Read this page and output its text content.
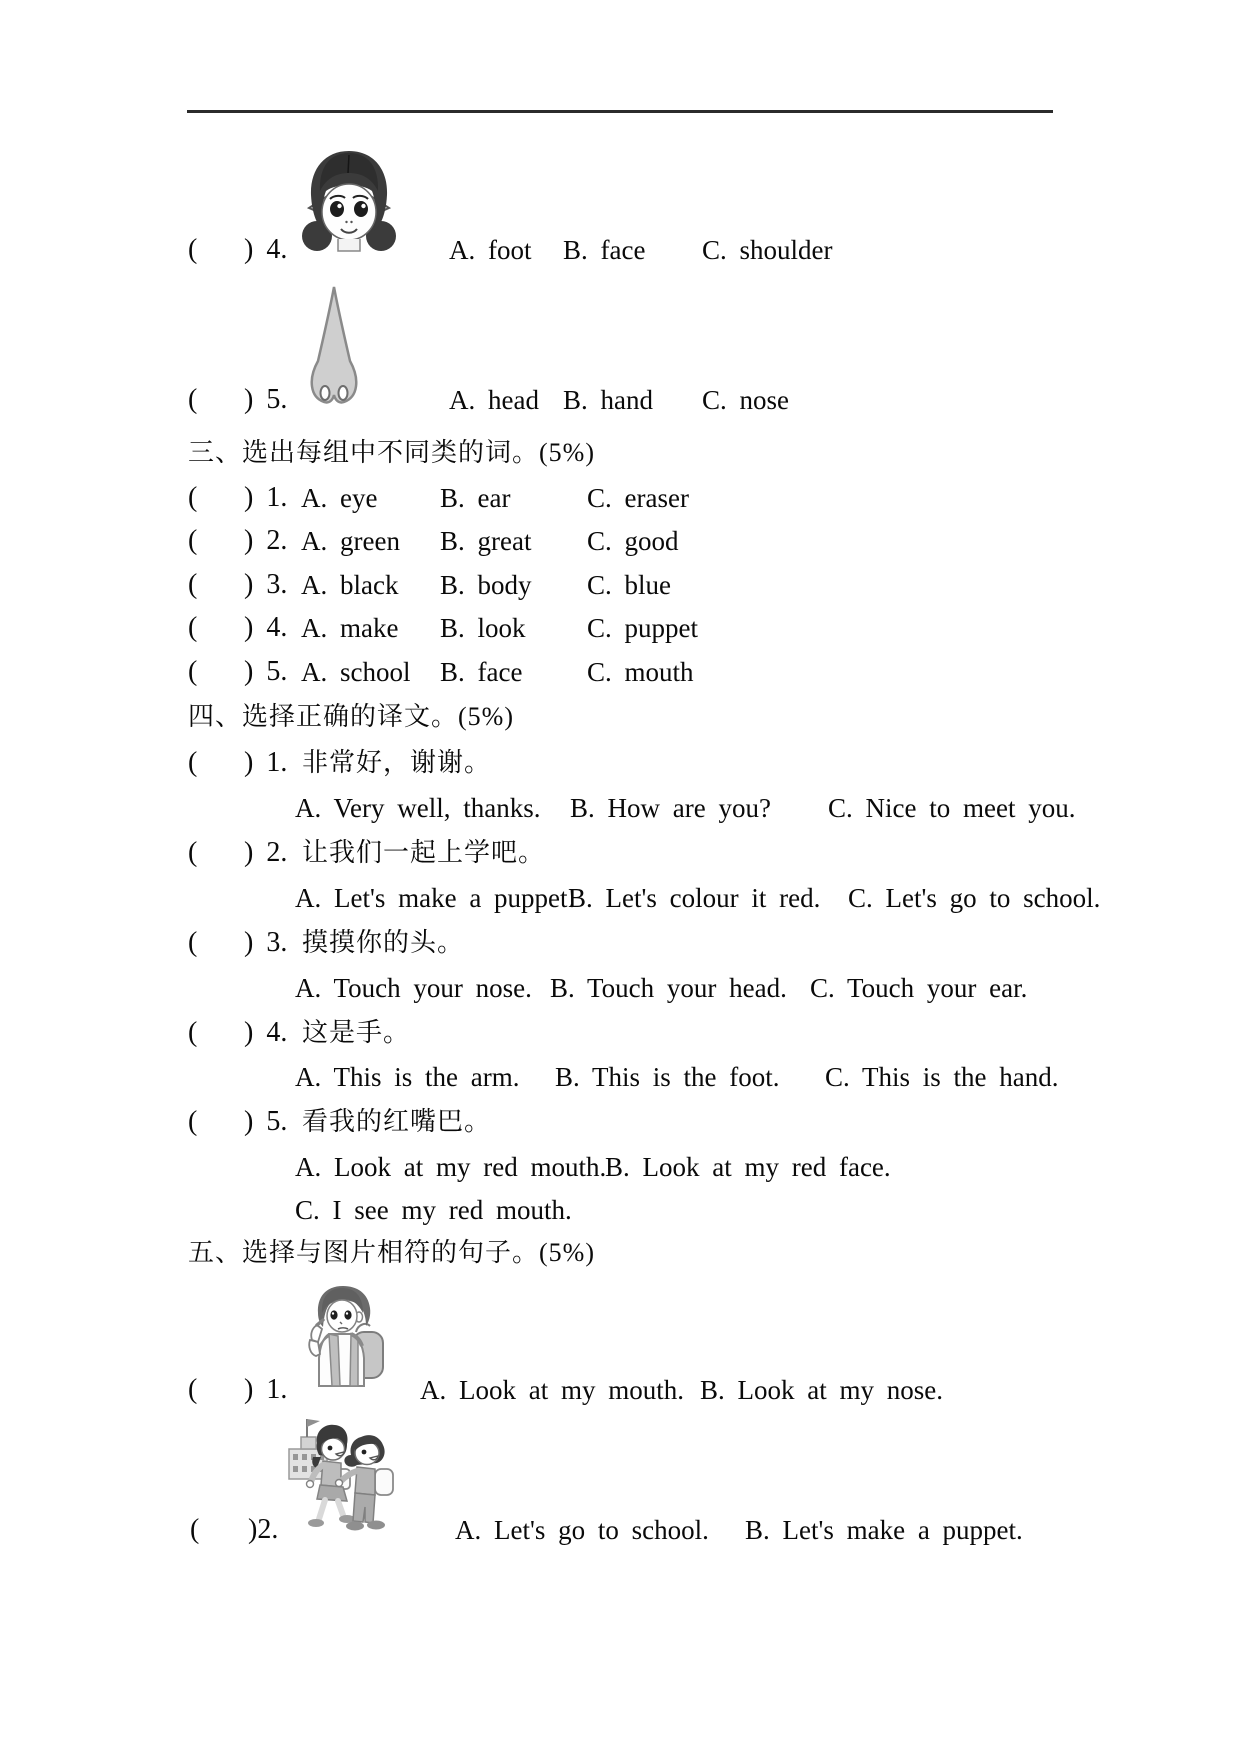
( ) 4.	A. foot B. face C. shoulder
( ) 5.	A. head B. hand C. nose
三、选出每组中不同类的词。(5%)
( ) 1. A. eye B. ear	C. eraser
( ) 2. A. green B. great C. good
( ) 3. A. black B. body C. blue
( ) 4. A. make B. look C. puppet
( ) 5. A. school B. face C. mouth
四、选择正确的译文。(5%)
( ) 1. 非常好，谢谢。
A. Very well, thanks. B. How are you? C. Nice to meet you.
( ) 2. 让我们一起上学吧。
A. Let's make a puppet!
B. Let's colour it red. C. Let's go to school.
( ) 3. 摸摸你的头。
A. Touch your nose. B. Touch your head. C. Touch your ear.
( ) 4. 这是手。
A. This is the arm. B. This is the foot. C. This is the hand.
( ) 5. 看我的红嘴巴。
A. Look at my red mouth.
B. Look at my red face.
C. I see my red mouth.
五、选择与图片相符的句子。(5%)
( ) 1.	A. Look at my mouth. B. Look at my nose.
( )2.	A. Let's go to school. B. Let's make a puppet.
